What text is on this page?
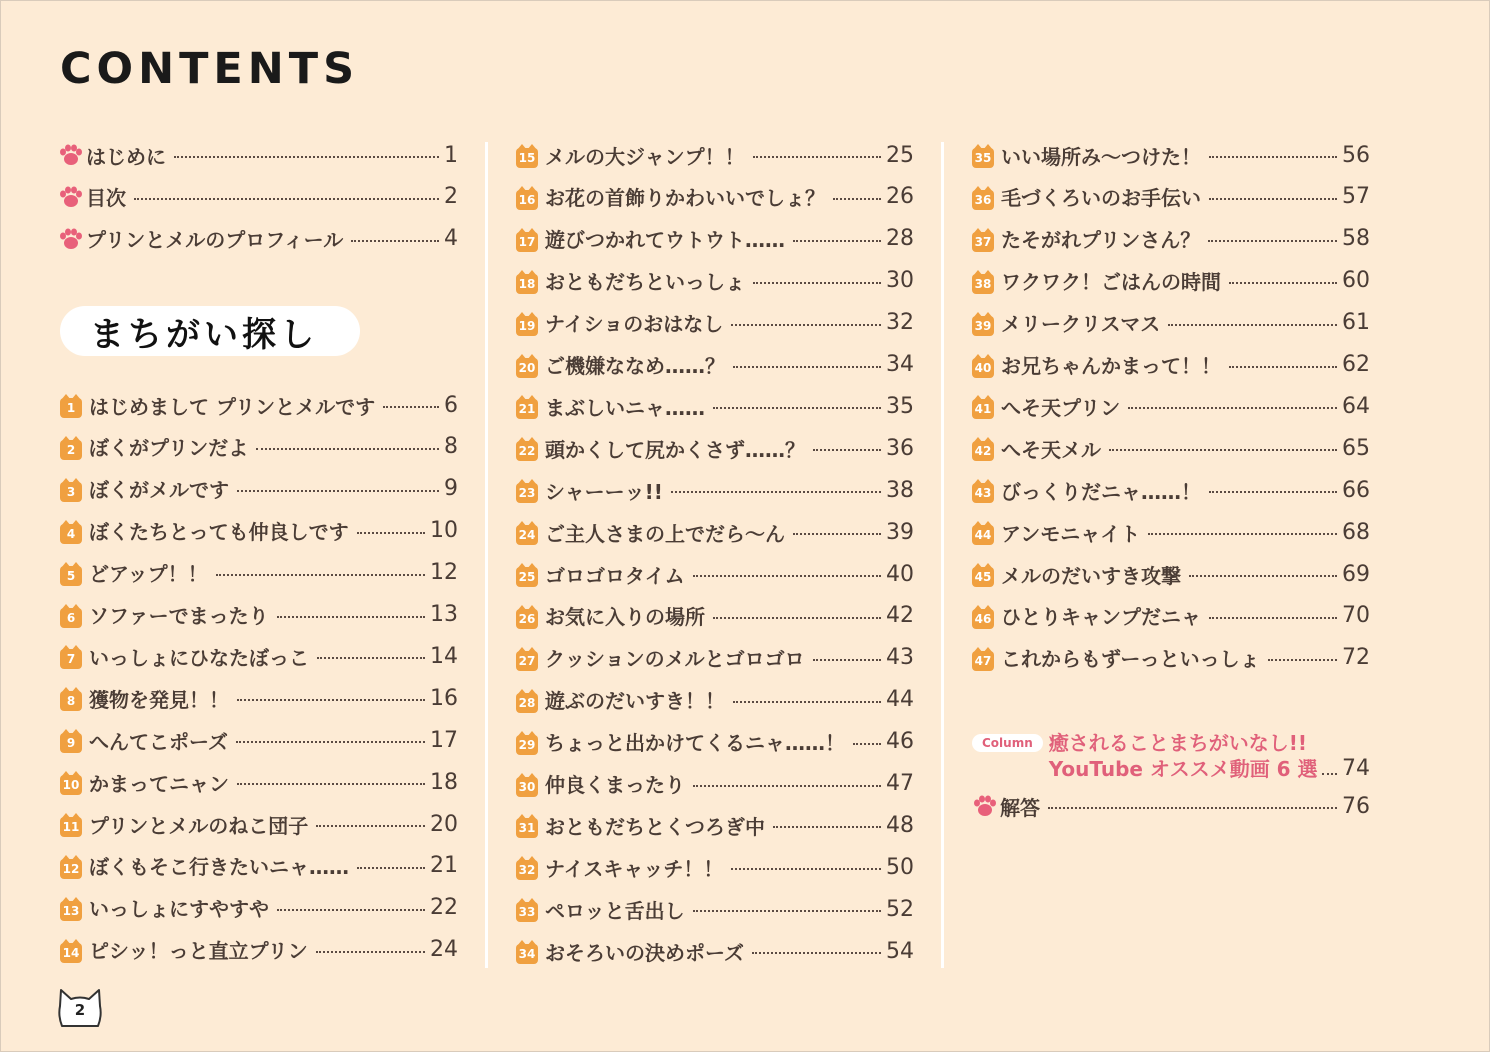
CONTENTS
はじめに	1
目次	2
プリンとメルのプロフィール	4
まちがい探し
1 はじめまして プリンとメルです	6
2 ぼくがプリンだよ	8
3 ぼくがメルです	9
4 ぼくたちとっても仲良しです	10
5 どアップ！！	12
6 ソファーでまったり	13
7 いっしょにひなたぼっこ	14
8 獲物を発見！！	16
9 へんてこポーズ	17
10 かまってニャン	18
11 プリンとメルのねこ団子	20
12 ぼくもそこ行きたいニャ……	21
13 いっしょにすやすや	22
14 ピシッ！っと直立プリン	24
15 メルの大ジャンプ！！	25
16 お花の首飾りかわいいでしょ？	26
17 遊びつかれてウトウト……	28
18 おともだちといっしょ	30
19 ナイショのおはなし	32
20 ご機嫌ななめ……？	34
21 まぶしいニャ……	35
22 頭かくして尻かくさず……？	36
23 シャーーッ!!	38
24 ご主人さまの上でだら〜ん	39
25 ゴロゴロタイム	40
26 お気に入りの場所	42
27 クッションのメルとゴロゴロ	43
28 遊ぶのだいすき！！	44
29 ちょっと出かけてくるニャ……！ 46
30 仲良くまったり	47
31 おともだちとくつろぎ中	48
32 ナイスキャッチ！！	50
33 ペロッと舌出し	52
34 おそろいの決めポーズ	54
35 いい場所み〜つけた！	56
36 毛づくろいのお手伝い	57
37 たそがれプリンさん？	58
38 ワクワク！ごはんの時間	60
39 メリークリスマス	61
40 お兄ちゃんかまって！！	62
41 へそ天プリン	64
42 へそ天メル	65
43 びっくりだニャ……！	66
44 アンモニャイト	68
45 メルのだいすき攻撃	69
46 ひとりキャンプだニャ	70
47 これからもずーっといっしょ	72
Column 癒されることまちがいなし!!
YouTube オススメ動画 6 選 74
解答	76
2
